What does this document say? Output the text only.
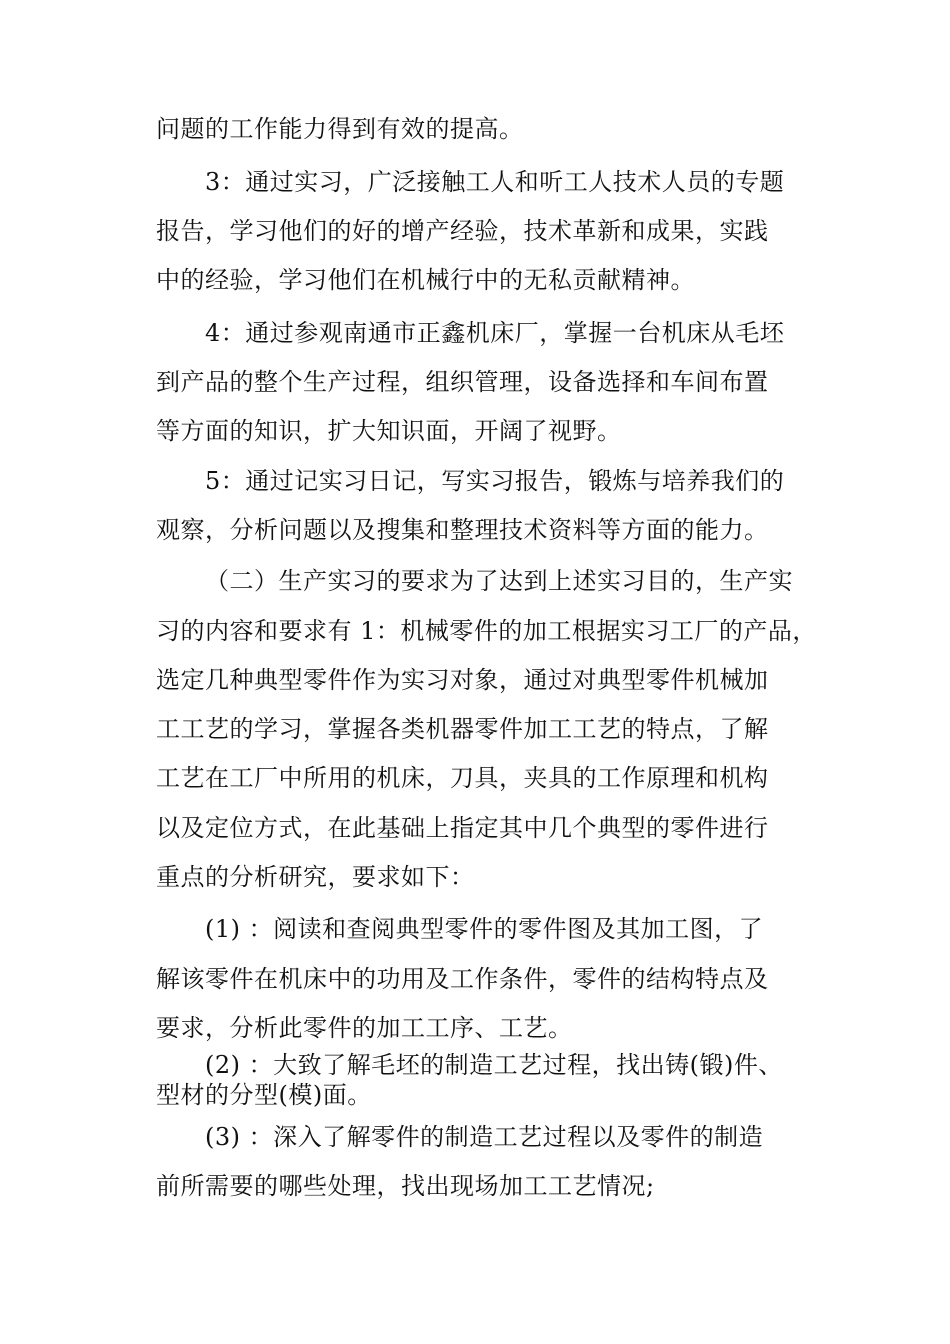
问题的工作能力得到有效的提高。
3：通过实习，广泛接触工人和听工人技术人员的专题
报告，学习他们的好的增产经验，技术革新和成果，实践
中的经验，学习他们在机械行中的无私贡献精神。
4：通过参观南通市正鑫机床厂，掌握一台机床从毛坯
到产品的整个生产过程，组织管理，设备选择和车间布置
等方面的知识，扩大知识面，开阔了视野。
5：通过记实习日记，写实习报告，锻炼与培养我们的
观察，分析问题以及搜集和整理技术资料等方面的能力。
（二）生产实习的要求为了达到上述实习目的，生产实
习的内容和要求有 1：机械零件的加工根据实习工厂的产品，
选定几种典型零件作为实习对象，通过对典型零件机械加
工工艺的学习，掌握各类机器零件加工工艺的特点，了解
工艺在工厂中所用的机床，刀具，夹具的工作原理和机构
以及定位方式，在此基础上指定其中几个典型的零件进行
重点的分析研究，要求如下：
(1) ：阅读和查阅典型零件的零件图及其加工图，了
解该零件在机床中的功用及工作条件，零件的结构特点及
要求，分析此零件的加工工序、工艺。
(2) ：大致了解毛坯的制造工艺过程，找出铸(锻)件、
型材的分型(模)面。
(3) ：深入了解零件的制造工艺过程以及零件的制造
前所需要的哪些处理，找出现场加工工艺情况;
